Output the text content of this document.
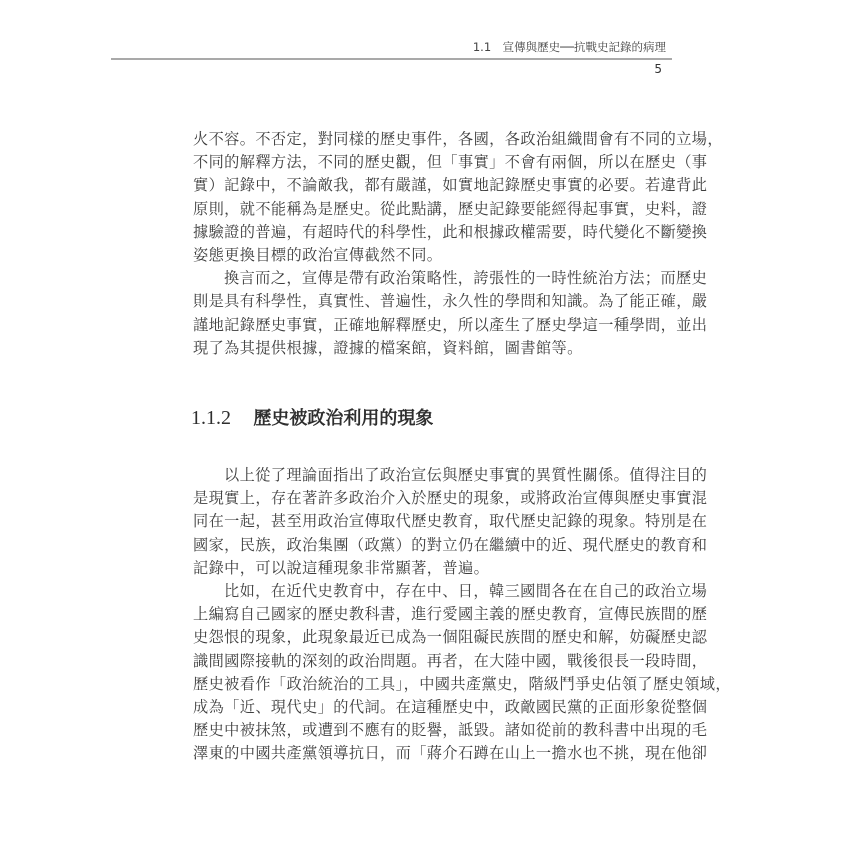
1.1　宣傳與歷史──抗戰史記錄的病理
5

火不容。不否定，對同樣的歷史事件，各國，各政治組織間會有不同的立場，
不同的解釋方法，不同的歷史觀，但「事實」不會有兩個，所以在歷史（事
實）記錄中，不論敵我，都有嚴謹，如實地記錄歷史事實的必要。若違背此
原則，就不能稱為是歷史。從此點講，歷史記錄要能經得起事實，史料，證
據驗證的普遍，有超時代的科學性，此和根據政權需要，時代變化不斷變換
姿態更換目標的政治宣傳截然不同。

換言而之，宣傳是帶有政治策略性，誇張性的一時性統治方法；而歷史
則是具有科學性，真實性、普遍性，永久性的學問和知識。為了能正確，嚴
謹地記錄歷史事實，正確地解釋歷史，所以產生了歷史學這一種學問，並出
現了為其提供根據，證據的檔案館，資料館，圖書館等。

1.1.2 歷史被政治利用的現象

以上從了理論面指出了政治宣伝與歷史事實的異質性關係。值得注目的
是現實上，存在著許多政治介入於歷史的現象，或將政治宣傳與歷史事實混
同在一起，甚至用政治宣傳取代歷史教育，取代歷史記錄的現象。特別是在
國家，民族，政治集團（政黨）的對立仍在繼續中的近、現代歷史的教育和
記錄中，可以說這種現象非常顯著，普遍。

比如，在近代史教育中，存在中、日，韓三國間各在在自己的政治立場
上編寫自己國家的歷史教科書，進行愛國主義的歷史教育，宣傳民族間的歷
史怨恨的現象，此現象最近已成為一個阻礙民族間的歷史和解，妨礙歷史認
識間國際接軌的深刻的政治問題。再者，在大陸中國，戰後很長一段時間，
歷史被看作「政治統治的工具」，中國共產黨史，階級鬥爭史佔領了歷史領域，
成為「近、現代史」的代詞。在這種歷史中，政敵國民黨的正面形象從整個
歷史中被抹煞，或遭到不應有的貶譽，詆毀。諸如從前的教科書中出現的毛
澤東的中國共產黨領導抗日，而「蔣介石蹲在山上一擔水也不挑，現在他卻
